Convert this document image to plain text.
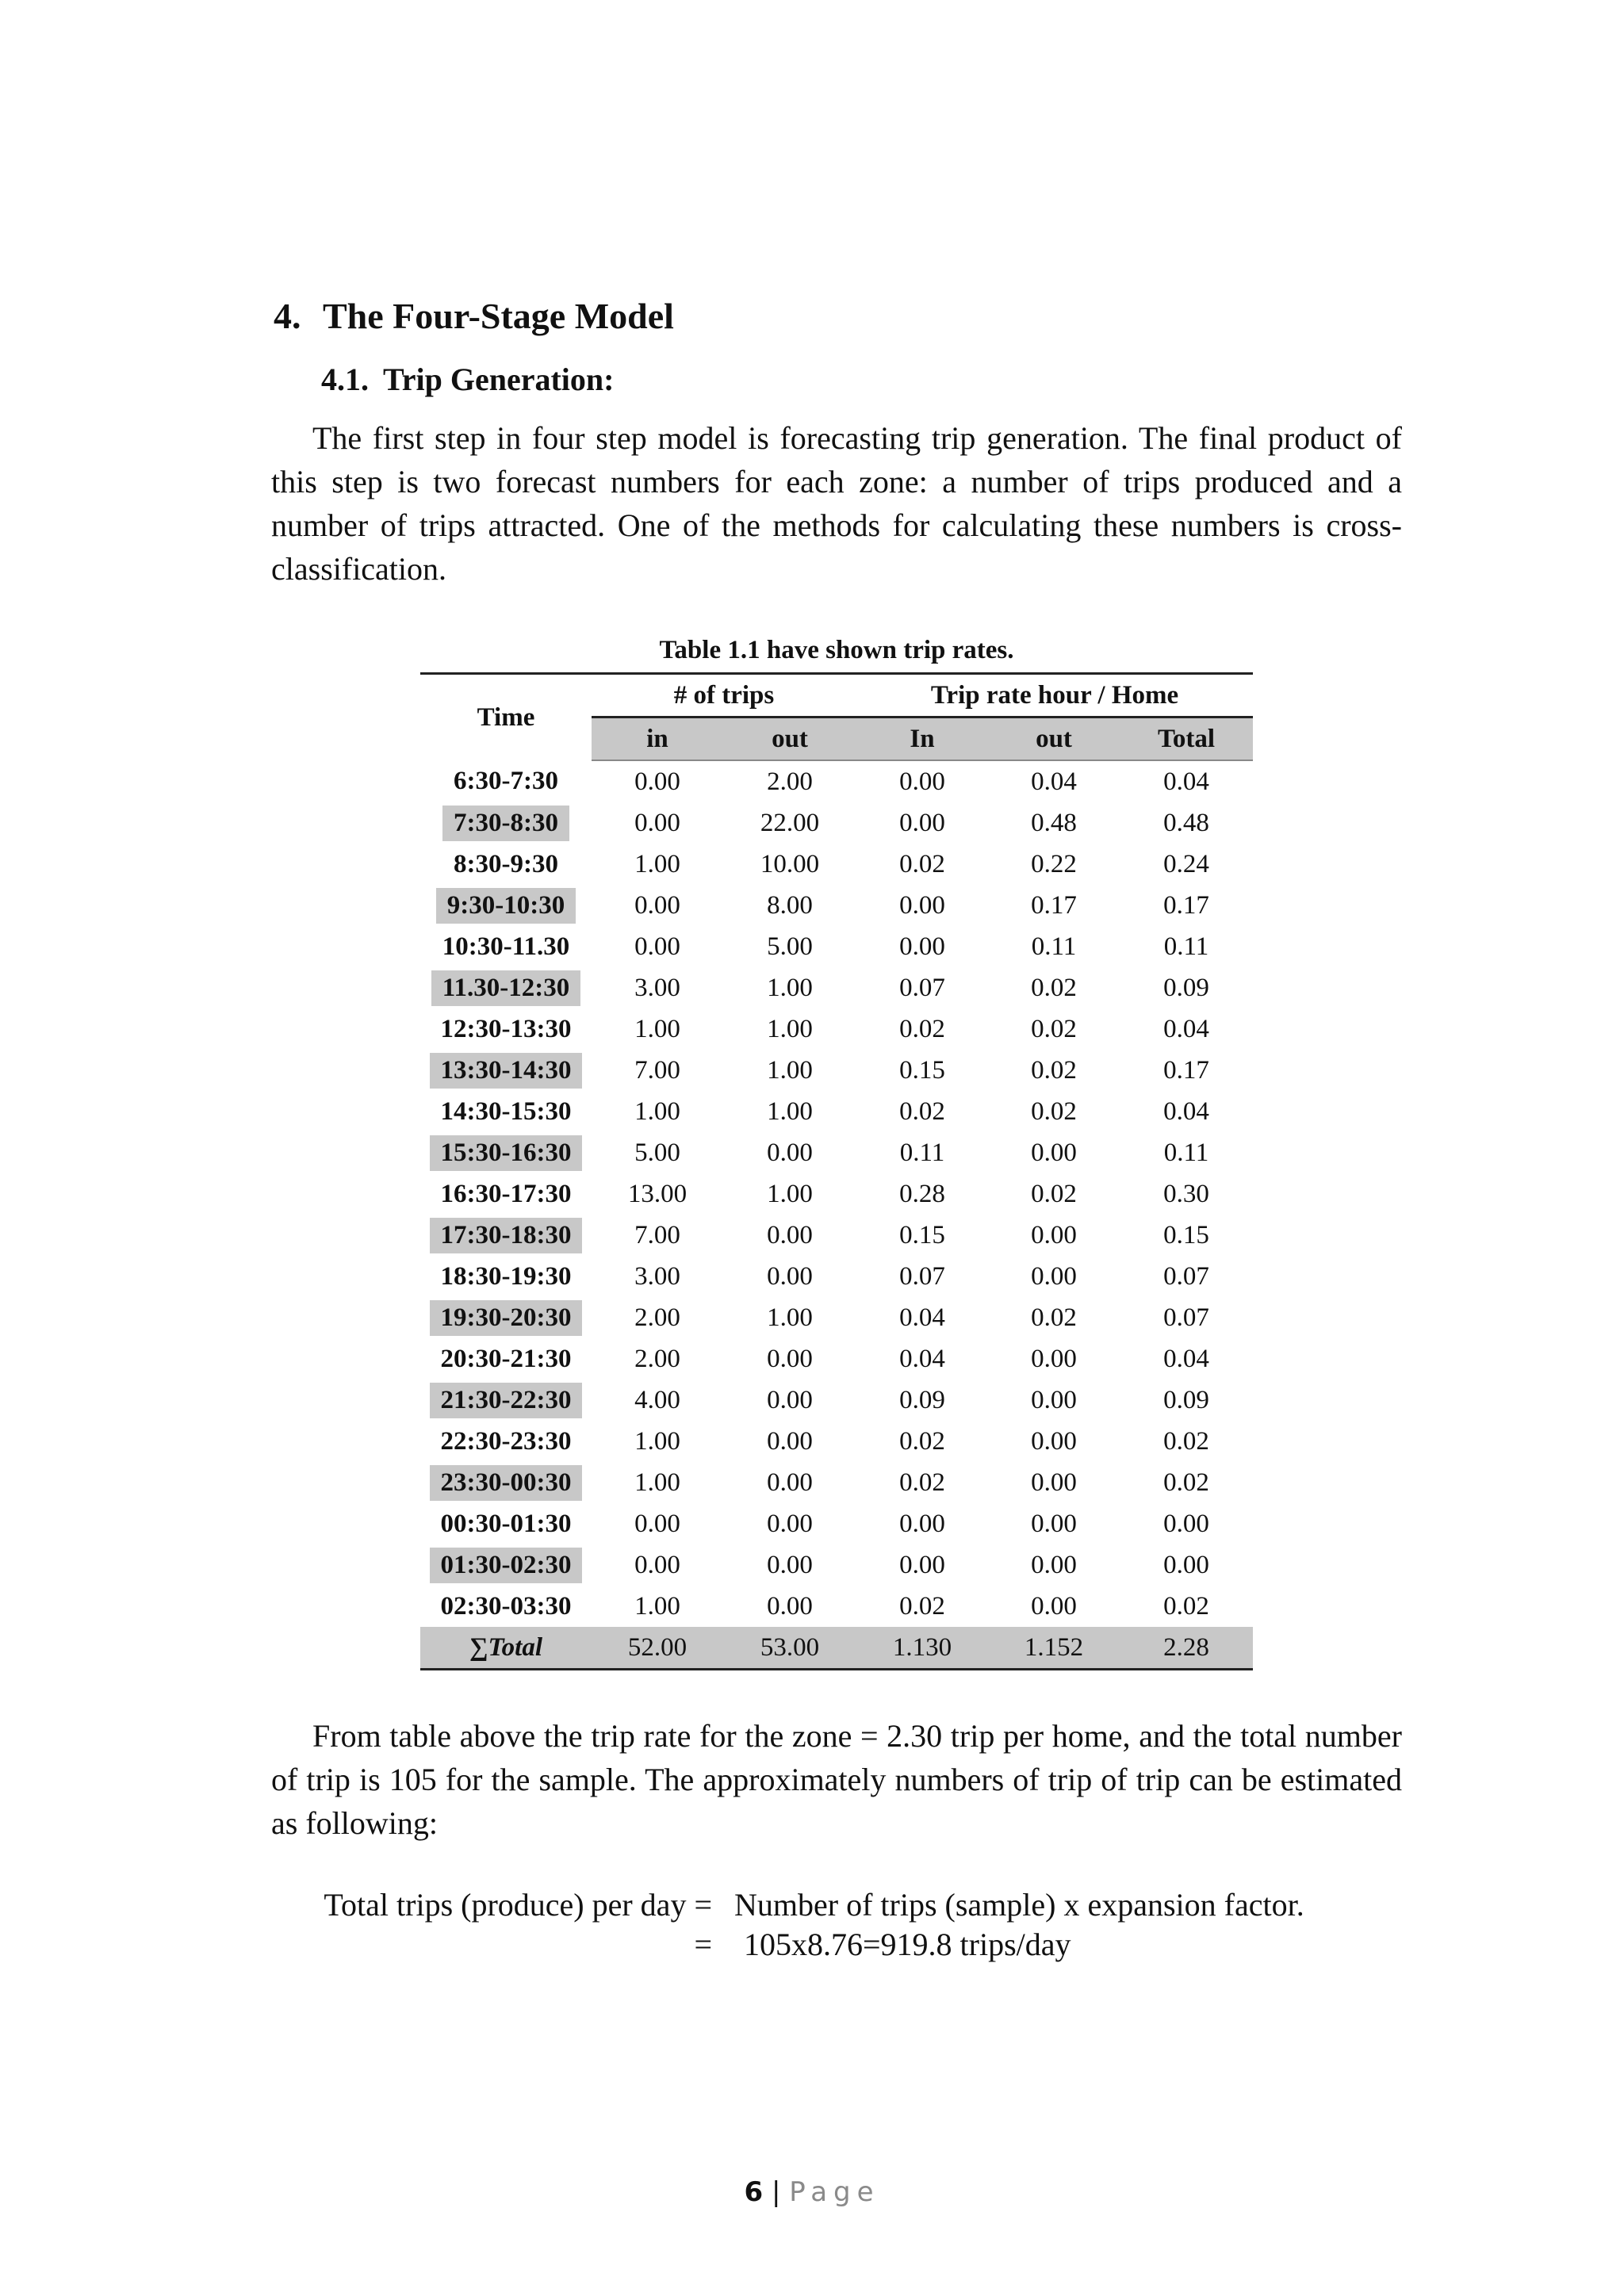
4. The Four-Stage Model
4.1. Trip Generation:
The first step in four step model is forecasting trip generation. The final product of this step is two forecast numbers for each zone: a number of trips produced and a number of trips attracted. One of the methods for calculating these numbers is cross-classification.
Table 1.1 have shown trip rates.
Time	# of trips		Trip rate hour / Home		
	in	out	In	out	Total
6:30-7:30	0.00	2.00	0.00	0.04	0.04
7:30-8:30	0.00	22.00	0.00	0.48	0.48
8:30-9:30	1.00	10.00	0.02	0.22	0.24
9:30-10:30	0.00	8.00	0.00	0.17	0.17
10:30-11.30	0.00	5.00	0.00	0.11	0.11
11.30-12:30	3.00	1.00	0.07	0.02	0.09
12:30-13:30	1.00	1.00	0.02	0.02	0.04
13:30-14:30	7.00	1.00	0.15	0.02	0.17
14:30-15:30	1.00	1.00	0.02	0.02	0.04
15:30-16:30	5.00	0.00	0.11	0.00	0.11
16:30-17:30	13.00	1.00	0.28	0.02	0.30
17:30-18:30	7.00	0.00	0.15	0.00	0.15
18:30-19:30	3.00	0.00	0.07	0.00	0.07
19:30-20:30	2.00	1.00	0.04	0.02	0.07
20:30-21:30	2.00	0.00	0.04	0.00	0.04
21:30-22:30	4.00	0.00	0.09	0.00	0.09
22:30-23:30	1.00	0.00	0.02	0.00	0.02
23:30-00:30	1.00	0.00	0.02	0.00	0.02
00:30-01:30	0.00	0.00	0.00	0.00	0.00
01:30-02:30	0.00	0.00	0.00	0.00	0.00
02:30-03:30	1.00	0.00	0.02	0.00	0.02
∑Total	52.00	53.00	1.130	1.152	2.28
From table above the trip rate for the zone = 2.30 trip per home, and the total number of trip is 105 for the sample. The approximately numbers of trip of trip can be estimated as following:
Total trips (produce) per day = Number of trips (sample) x expansion factor.
= 105x8.76=919.8 trips/day
6 | Page
